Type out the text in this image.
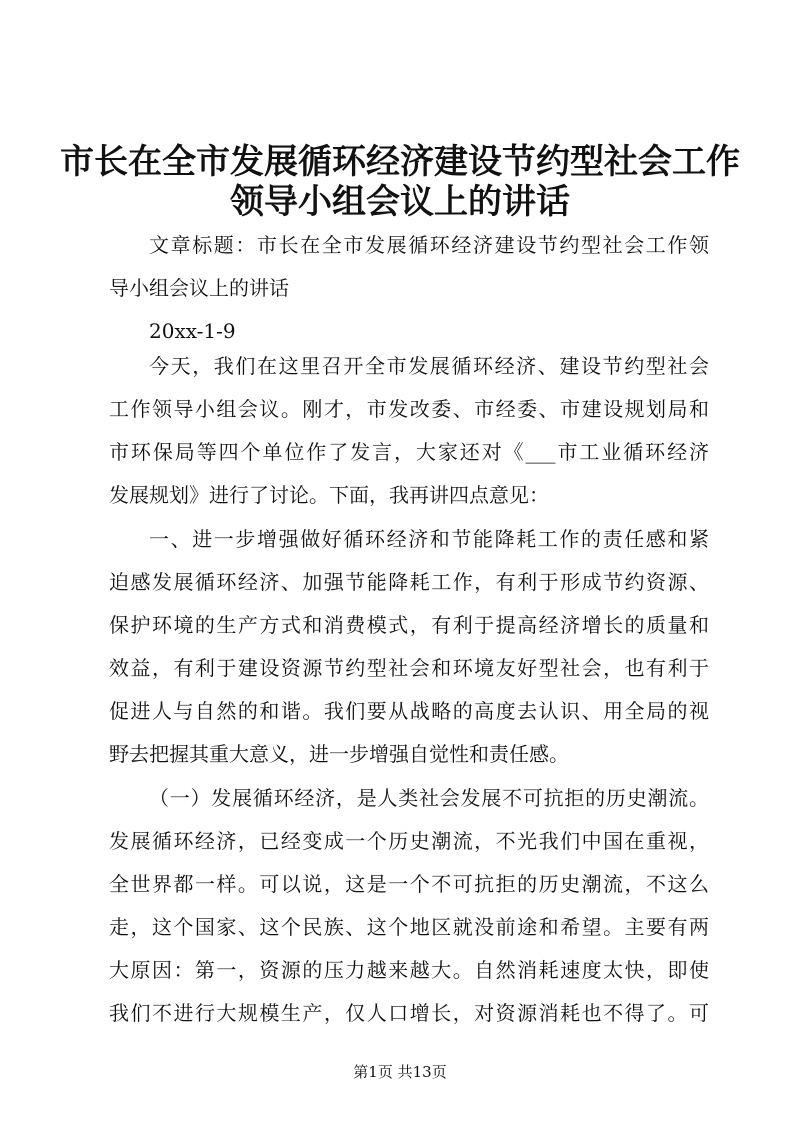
市长在全市发展循环经济建设节约型社会工作
领导小组会议上的讲话

文章标题：市长在全市发展循环经济建设节约型社会工作领

导小组会议上的讲话

20xx-1-9

今天，我们在这里召开全市发展循环经济、建设节约型社会

工作领导小组会议。刚才，市发改委、市经委、市建设规划局和

市环保局等四个单位作了发言，大家还对《___市工业循环经济

发展规划》进行了讨论。下面，我再讲四点意见：

一、进一步增强做好循环经济和节能降耗工作的责任感和紧

迫感发展循环经济、加强节能降耗工作，有利于形成节约资源、

保护环境的生产方式和消费模式，有利于提高经济增长的质量和

效益，有利于建设资源节约型社会和环境友好型社会，也有利于

促进人与自然的和谐。我们要从战略的高度去认识、用全局的视

野去把握其重大意义，进一步增强自觉性和责任感。

（一）发展循环经济，是人类社会发展不可抗拒的历史潮流。

发展循环经济，已经变成一个历史潮流，不光我们中国在重视，

全世界都一样。可以说，这是一个不可抗拒的历史潮流，不这么

走，这个国家、这个民族、这个地区就没前途和希望。主要有两

大原因：第一，资源的压力越来越大。自然消耗速度太快，即使

我们不进行大规模生产，仅人口增长，对资源消耗也不得了。可

第1页 共13页
